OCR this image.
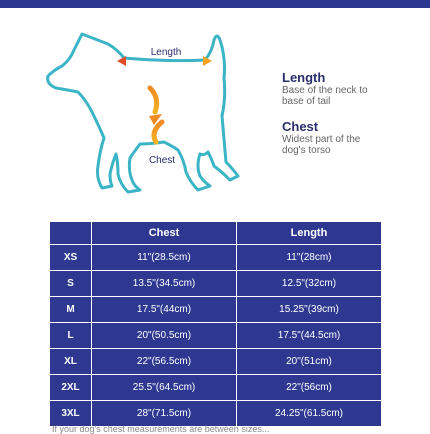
Length
Chest
Length
Base of the neck to base of tail
Chest
Widest part of the dog's torso
	Chest	Length
XS	11"(28.5cm)	11"(28cm)
S	13.5"(34.5cm)	12.5"(32cm)
M	17.5"(44cm)	15.25"(39cm)
L	20"(50.5cm)	17.5"(44.5cm)
XL	22"(56.5cm)	20"(51cm)
2XL	25.5"(64.5cm)	22"(56cm)
3XL	28"(71.5cm)	24.25"(61.5cm)
If your dog's chest measurements are between sizes...
